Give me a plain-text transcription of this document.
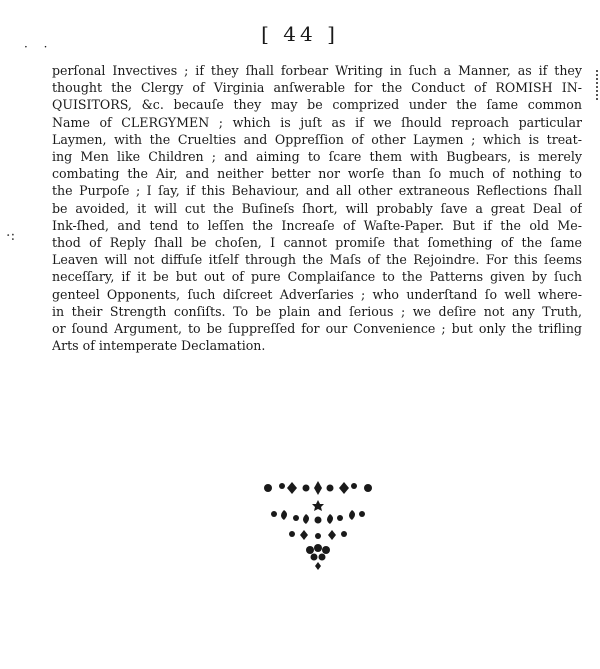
[ 44 ]
· ·
·:
perſonal Invectives ; if they ſhall forbear Writing in ſuch a Manner, as if they
thought the Clergy of Virginia anſwerable for the Conduct of ROMISH IN-
QUISITORS, &c. becauſe they may be comprized under the ſame common
Name of CLERGYMEN ; which is juſt as if we ſhould reproach particular
Laymen, with the Cruelties and Oppreſſion of other Laymen ; which is treat-
ing Men like Children ; and aiming to ſcare them with Bugbears, is merely
combating the Air, and neither better nor worſe than ſo much of nothing to
the Purpoſe ; I ſay, if this Behaviour, and all other extraneous Reflections ſhall
be avoided, it will cut the Buſineſs ſhort, will probably ſave a great Deal of
Ink-ſhed, and tend to leſſen the Increaſe of Waſte-Paper. But if the old Me-
thod of Reply ſhall be choſen, I cannot promiſe that ſomething of the ſame
Leaven will not diffuſe itſelf through the Maſs of the Rejoindre. For this ſeems
neceſſary, if it be but out of pure Complaiſance to the Patterns given by ſuch
genteel Opponents, ſuch diſcreet Adverſaries ; who underſtand ſo well where-
in their Strength conſiſts. To be plain and ſerious ; we deſire not any Truth,
or ſound Argument, to be ſuppreſſed for our Convenience ; but only the trifling
Arts of intemperate Declamation.
